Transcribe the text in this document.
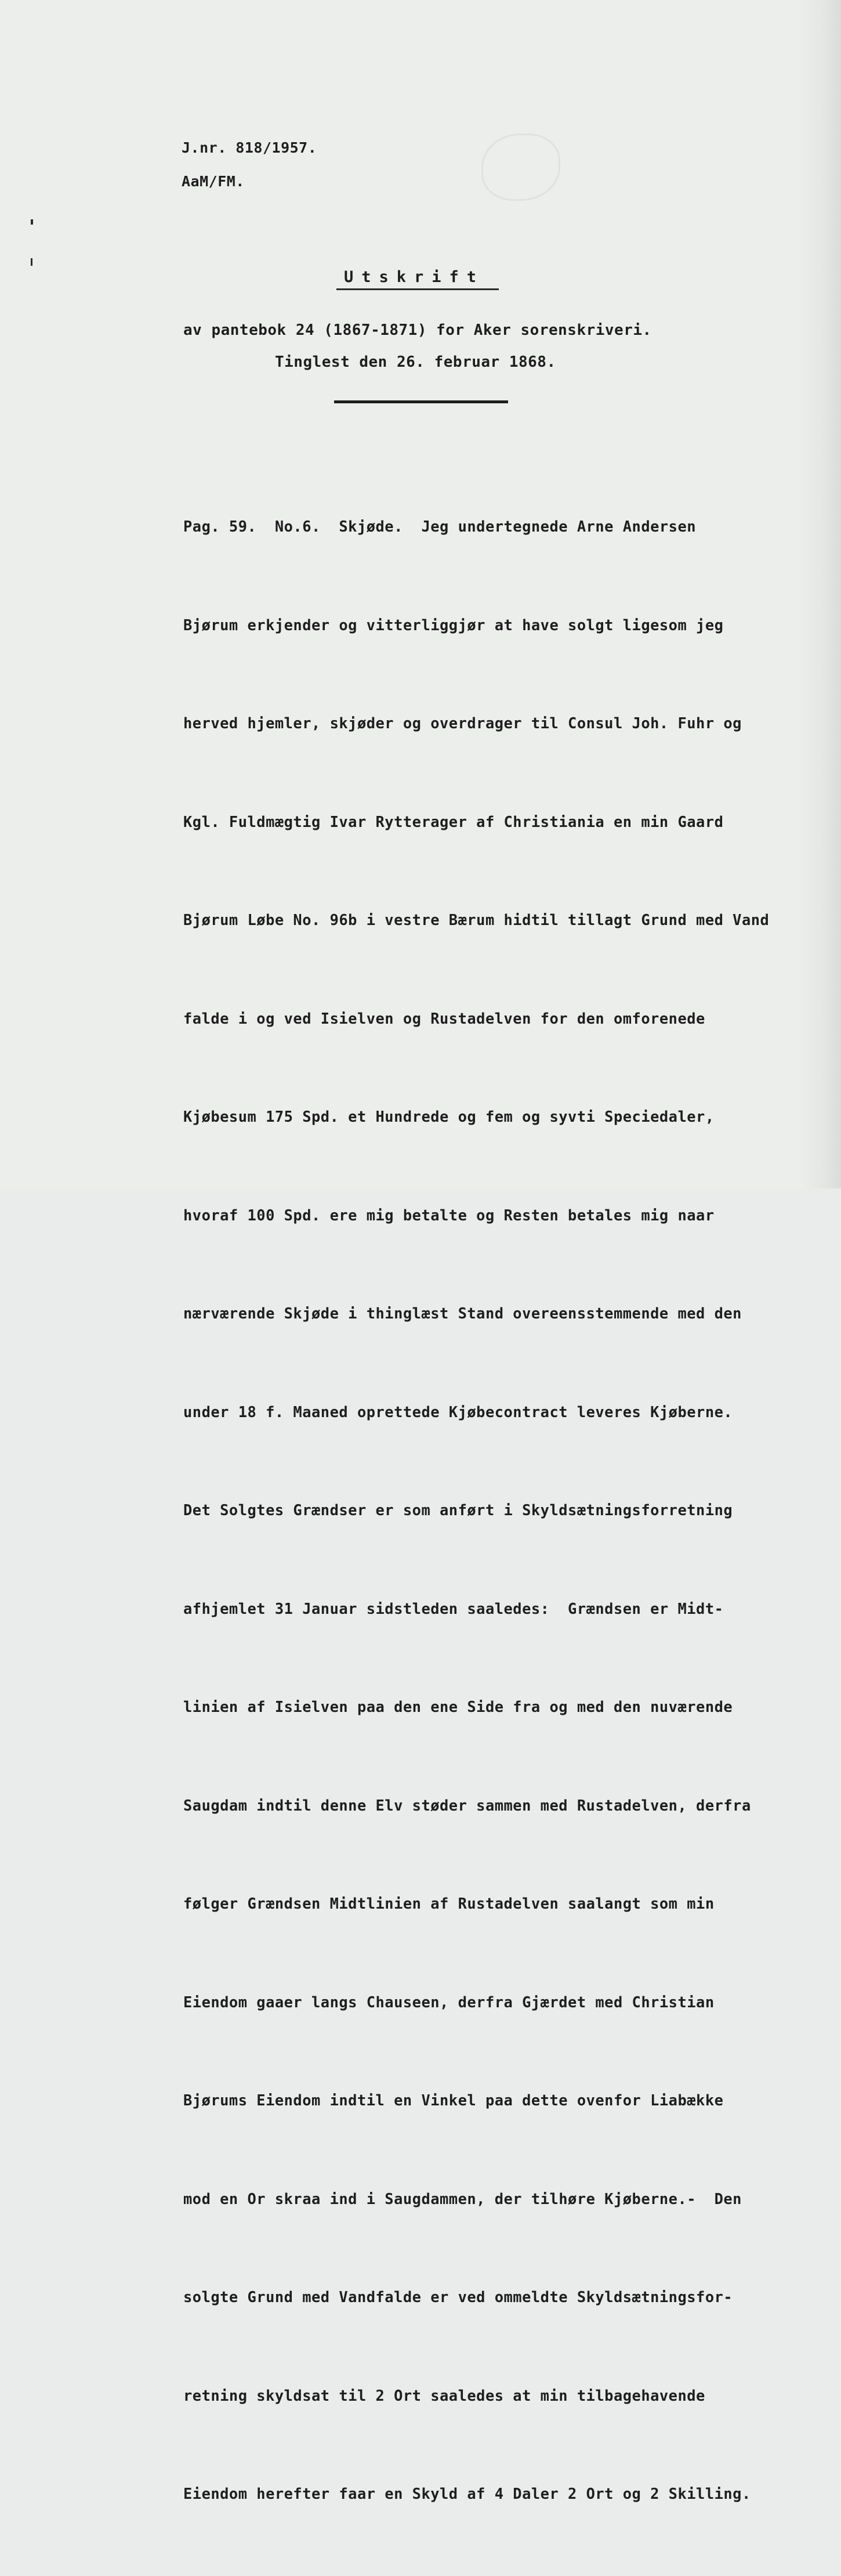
J.nr. 818/1957.
AaM/FM.
Utskrift
av pantebok 24 (1867-1871) for Aker sorenskriveri.
Tinglest den 26. februar 1868.

Pag. 59.  No.6.  Skjøde.  Jeg undertegnede Arne Andersen

Bjørum erkjender og vitterliggjør at have solgt ligesom jeg

herved hjemler, skjøder og overdrager til Consul Joh. Fuhr og

Kgl. Fuldmægtig Ivar Rytterager af Christiania en min Gaard

Bjørum Løbe No. 96b i vestre Bærum hidtil tillagt Grund med Vand

falde i og ved Isielven og Rustadelven for den omforenede

Kjøbesum 175 Spd. et Hundrede og fem og syvti Speciedaler,

hvoraf 100 Spd. ere mig betalte og Resten betales mig naar

nærværende Skjøde i thinglæst Stand overeensstemmende med den

under 18 f. Maaned oprettede Kjøbecontract leveres Kjøberne.

Det Solgtes Grændser er som anført i Skyldsætningsforretning

afhjemlet 31 Januar sidstleden saaledes:  Grændsen er Midt-

linien af Isielven paa den ene Side fra og med den nuværende

Saugdam indtil denne Elv støder sammen med Rustadelven, derfra

følger Grændsen Midtlinien af Rustadelven saalangt som min

Eiendom gaaer langs Chauseen, derfra Gjærdet med Christian

Bjørums Eiendom indtil en Vinkel paa dette ovenfor Liabække

mod en Or skraa ind i Saugdammen, der tilhøre Kjøberne.-  Den

solgte Grund med Vandfalde er ved ommeldte Skyldsætningsfor-

retning skyldsat til 2 Ort saaledes at min tilbagehavende

Eiendom herefter faar en Skyld af 4 Daler 2 Ort og 2 Skilling.
